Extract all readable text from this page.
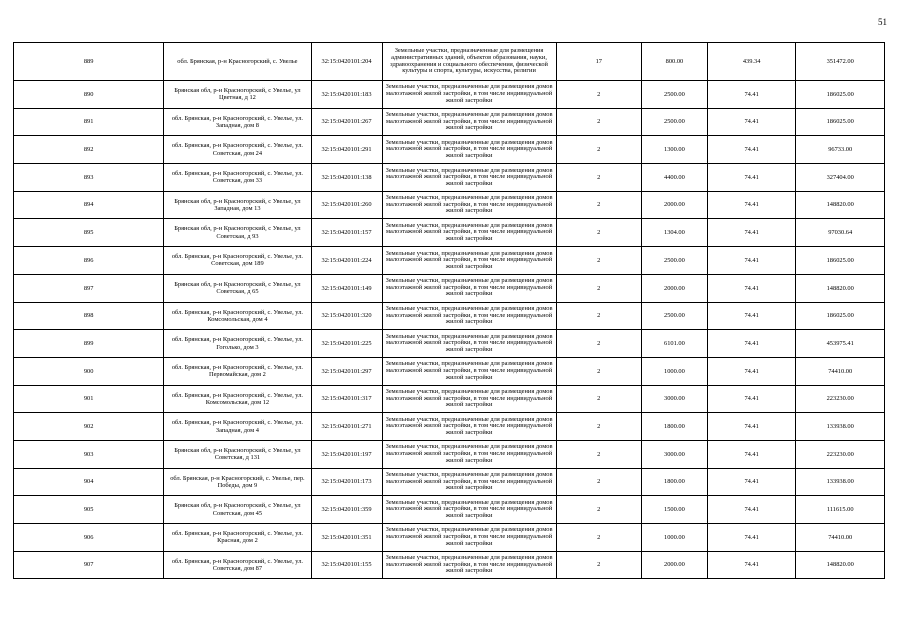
51
889	обл. Брянская, р-н Красногорский, с. Увелье	32:15:0420101:204	Земельные участки, предназначенные для размещения административных зданий, объектов образования, науки, здравоохранения и социального обеспечения, физической культуры и спорта, культуры, искусства, религии	17	800.00	439.34	351472.00
890	Брянская обл, р-н Красногорский, с Увелье, ул Цветная, д 12	32:15:0420101:183	Земельные участки, предназначенные для размещения домов малоэтажной жилой застройки, в том числе индивидуальной жилой застройки	2	2500.00	74.41	186025.00
891	обл. Брянская, р-н Красногорский, с. Увелье, ул. Западная, дом 8	32:15:0420101:267	Земельные участки, предназначенные для размещения домов малоэтажной жилой застройки, в том числе индивидуальной жилой застройки	2	2500.00	74.41	186025.00
892	обл. Брянская, р-н Красногорский, с. Увелье, ул. Советская, дом 24	32:15:0420101:291	Земельные участки, предназначенные для размещения домов малоэтажной жилой застройки, в том числе индивидуальной жилой застройки	2	1300.00	74.41	96733.00
893	обл. Брянская, р-н Красногорский, с. Увелье, ул. Советская, дом 33	32:15:0420101:138	Земельные участки, предназначенные для размещения домов малоэтажной жилой застройки, в том числе индивидуальной жилой застройки	2	4400.00	74.41	327404.00
894	Брянская обл, р-н Красногорский, с Увелье, ул Западная, дом 13	32:15:0420101:260	Земельные участки, предназначенные для размещения домов малоэтажной жилой застройки, в том числе индивидуальной жилой застройки	2	2000.00	74.41	148820.00
895	Брянская обл, р-н Красногорский, с Увелье, ул Советская, д 93	32:15:0420101:157	Земельные участки, предназначенные для размещения домов малоэтажной жилой застройки, в том числе индивидуальной жилой застройки	2	1304.00	74.41	97030.64
896	обл. Брянская, р-н Красногорский, с. Увелье, ул. Советская, дом 189	32:15:0420101:224	Земельные участки, предназначенные для размещения домов малоэтажной жилой застройки, в том числе индивидуальной жилой застройки	2	2500.00	74.41	186025.00
897	Брянская обл, р-н Красногорский, с Увелье, ул Советская, д 65	32:15:0420101:149	Земельные участки, предназначенные для размещения домов малоэтажной жилой застройки, в том числе индивидуальной жилой застройки	2	2000.00	74.41	148820.00
898	обл. Брянская, р-н Красногорский, с. Увелье, ул. Комсомольская, дом 4	32:15:0420101:320	Земельные участки, предназначенные для размещения домов малоэтажной жилой застройки, в том числе индивидуальной жилой застройки	2	2500.00	74.41	186025.00
899	обл. Брянская, р-н Красногорский, с. Увелье, ул. Гоголько, дом 3	32:15:0420101:225	Земельные участки, предназначенные для размещения домов малоэтажной жилой застройки, в том числе индивидуальной жилой застройки	2	6101.00	74.41	453975.41
900	обл. Брянская, р-н Красногорский, с. Увелье, ул. Первомайская, дом 2	32:15:0420101:297	Земельные участки, предназначенные для размещения домов малоэтажной жилой застройки, в том числе индивидуальной жилой застройки	2	1000.00	74.41	74410.00
901	обл. Брянская, р-н Красногорский, с. Увелье, ул. Комсомольская, дом 12	32:15:0420101:317	Земельные участки, предназначенные для размещения домов малоэтажной жилой застройки, в том числе индивидуальной жилой застройки	2	3000.00	74.41	223230.00
902	обл. Брянская, р-н Красногорский, с. Увелье, ул. Западная, дом 4	32:15:0420101:271	Земельные участки, предназначенные для размещения домов малоэтажной жилой застройки, в том числе индивидуальной жилой застройки	2	1800.00	74.41	133938.00
903	Брянская обл, р-н Красногорский, с Увелье, ул Советская, д 131	32:15:0420101:197	Земельные участки, предназначенные для размещения домов малоэтажной жилой застройки, в том числе индивидуальной жилой застройки	2	3000.00	74.41	223230.00
904	обл. Брянская, р-н Красногорский, с. Увелье, пер. Победы, дом 9	32:15:0420101:173	Земельные участки, предназначенные для размещения домов малоэтажной жилой застройки, в том числе индивидуальной жилой застройки	2	1800.00	74.41	133938.00
905	Брянская обл, р-н Красногорский, с Увелье, ул Советская, дом 45	32:15:0420101:359	Земельные участки, предназначенные для размещения домов малоэтажной жилой застройки, в том числе индивидуальной жилой застройки	2	1500.00	74.41	111615.00
906	обл. Брянская, р-н Красногорский, с. Увелье, ул. Красная, дом 2	32:15:0420101:351	Земельные участки, предназначенные для размещения домов малоэтажной жилой застройки, в том числе индивидуальной жилой застройки	2	1000.00	74.41	74410.00
907	обл. Брянская, р-н Красногорский, с. Увелье, ул. Советская, дом 87	32:15:0420101:155	Земельные участки, предназначенные для размещения домов малоэтажной жилой застройки, в том числе индивидуальной жилой застройки	2	2000.00	74.41	148820.00
